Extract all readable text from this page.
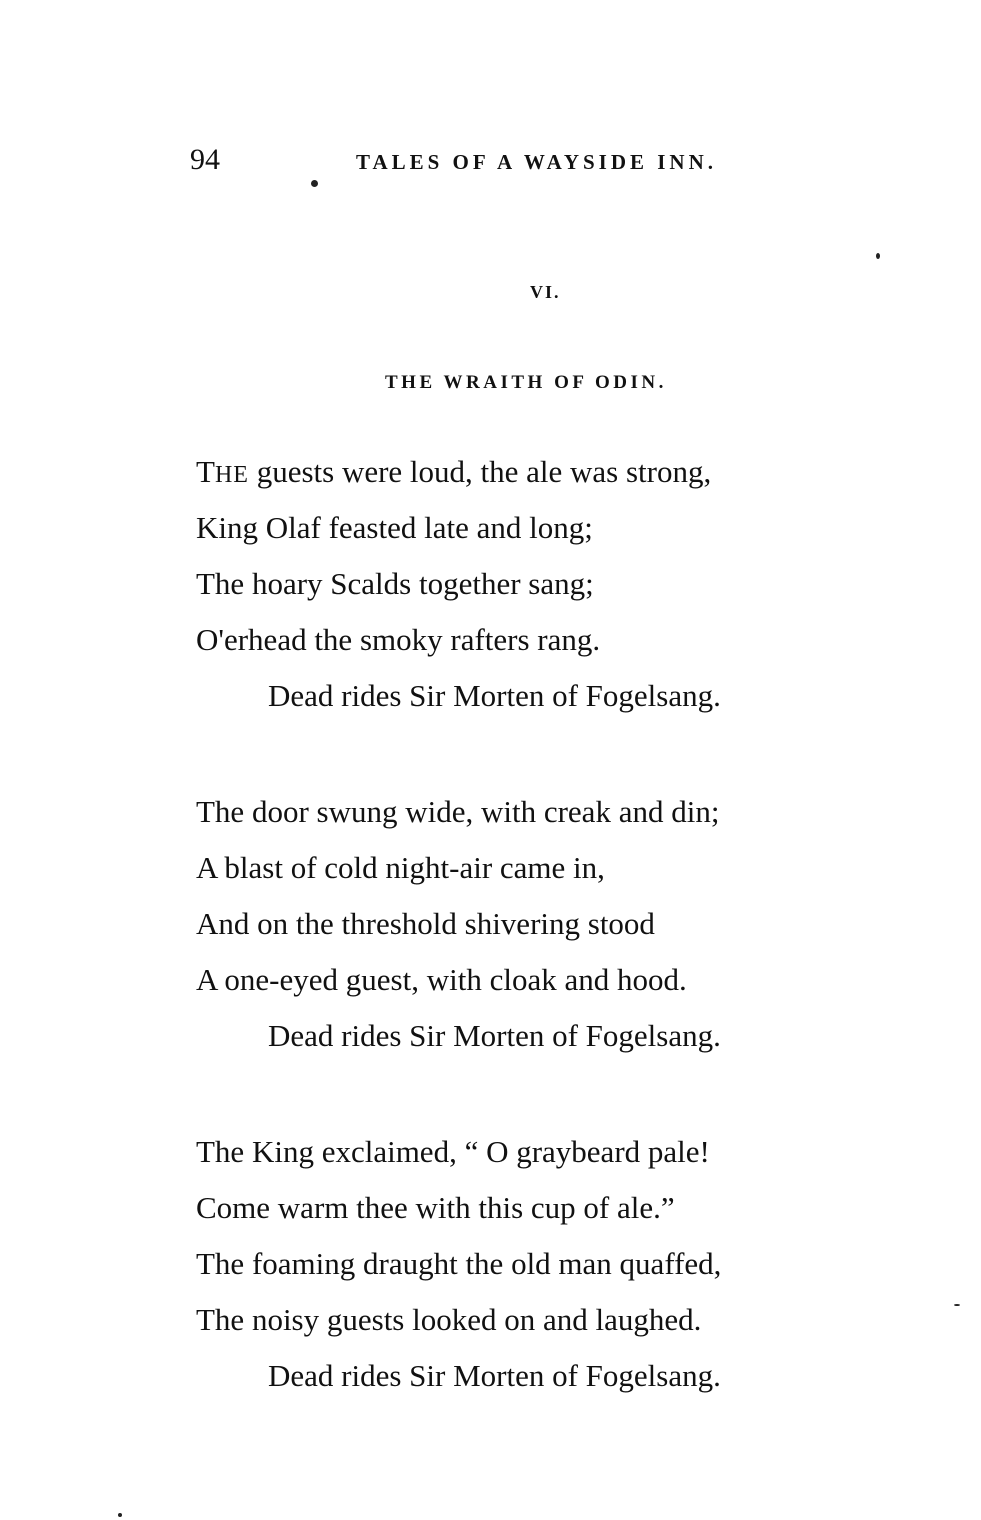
94	TALES OF A WAYSIDE INN.
VI.
THE WRAITH OF ODIN.
THE guests were loud, the ale was strong,
King Olaf feasted late and long;
The hoary Scalds together sang;
O'erhead the smoky rafters rang.
Dead rides Sir Morten of Fogelsang.
The door swung wide, with creak and din;
A blast of cold night-air came in,
And on the threshold shivering stood
A one-eyed guest, with cloak and hood.
Dead rides Sir Morten of Fogelsang.
The King exclaimed, “ O graybeard pale!
Come warm thee with this cup of ale.”
The foaming draught the old man quaffed,
The noisy guests looked on and laughed.
Dead rides Sir Morten of Fogelsang.
